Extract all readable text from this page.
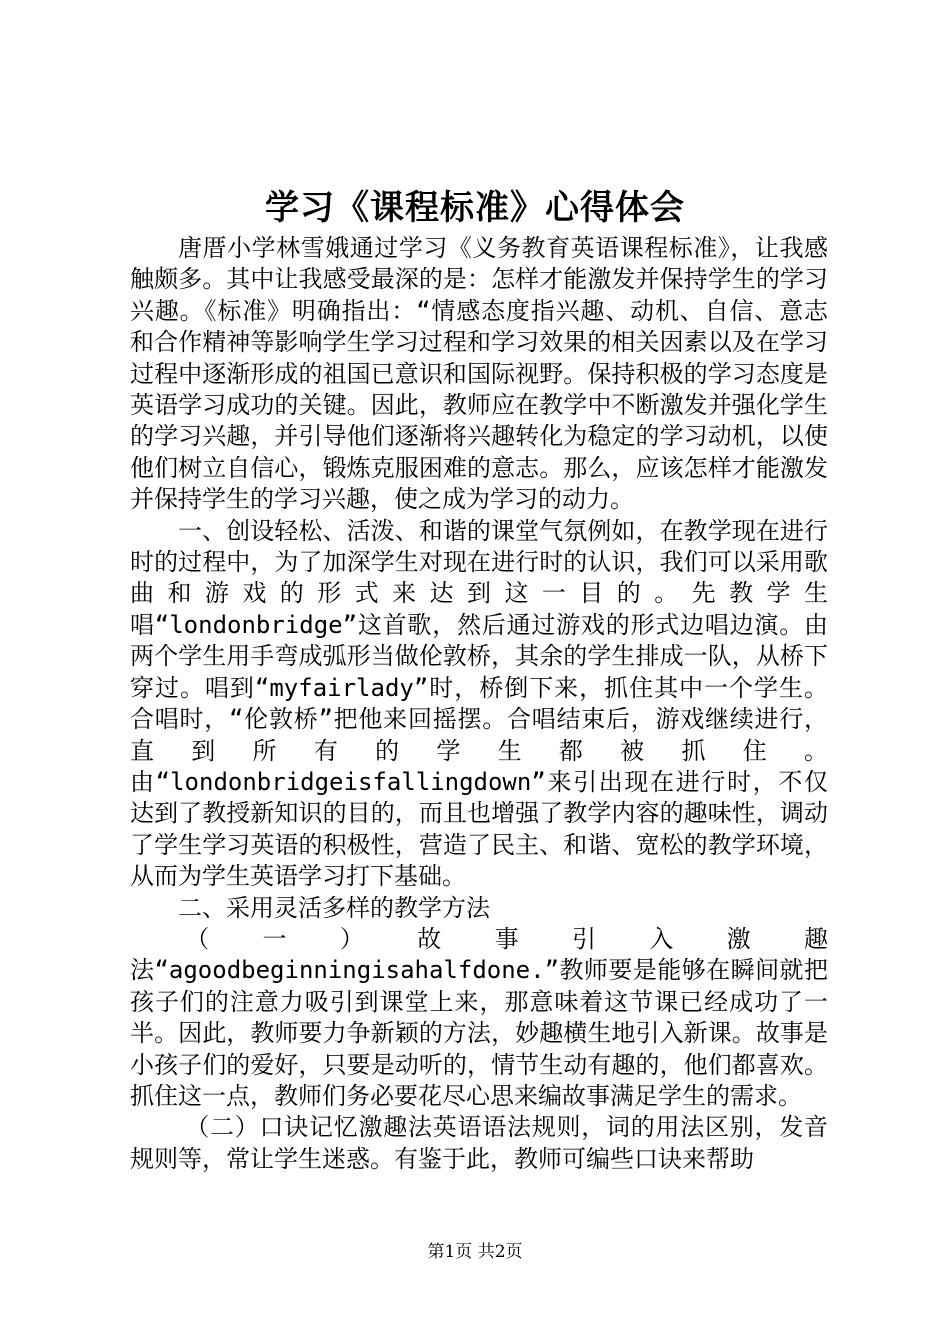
学习《课程标准》心得体会

唐厝小学林雪娥通过学习《义务教育英语课程标准》，让我感触颇多。其中让我感受最深的是：怎样才能激发并保持学生的学习兴趣。《标准》明确指出：“情感态度指兴趣、动机、自信、意志和合作精神等影响学生学习过程和学习效果的相关因素以及在学习过程中逐渐形成的祖国已意识和国际视野。保持积极的学习态度是英语学习成功的关键。因此，教师应在教学中不断激发并强化学生的学习兴趣，并引导他们逐渐将兴趣转化为稳定的学习动机，以使他们树立自信心，锻炼克服困难的意志。那么，应该怎样才能激发并保持学生的学习兴趣，使之成为学习的动力。

一、创设轻松、活泼、和谐的课堂气氛例如，在教学现在进行时的过程中，为了加深学生对现在进行时的认识，我们可以采用歌曲和游戏的形式来达到这一目的。先教学生唱“londonbridge”这首歌，然后通过游戏的形式边唱边演。由两个学生用手弯成弧形当做伦敦桥，其余的学生排成一队，从桥下穿过。唱到“myfairlady”时，桥倒下来，抓住其中一个学生。合唱时，“伦敦桥”把他来回摇摆。合唱结束后，游戏继续进行，直到所有的学生都被抓住。由“londonbridgeisfallingdown”来引出现在进行时，不仅达到了教授新知识的目的，而且也增强了教学内容的趣味性，调动了学生学习英语的积极性，营造了民主、和谐、宽松的教学环境，从而为学生英语学习打下基础。

二、采用灵活多样的教学方法

（一）故事引入激趣法“agoodbeginningisahalfdone.”教师要是能够在瞬间就把孩子们的注意力吸引到课堂上来，那意味着这节课已经成功了一半。因此，教师要力争新颖的方法，妙趣横生地引入新课。故事是小孩子们的爱好，只要是动听的，情节生动有趣的，他们都喜欢。抓住这一点，教师们务必要花尽心思来编故事满足学生的需求。

（二）口诀记忆激趣法英语语法规则，词的用法区别，发音规则等，常让学生迷惑。有鉴于此，教师可编些口诀来帮助

第1页 共2页
